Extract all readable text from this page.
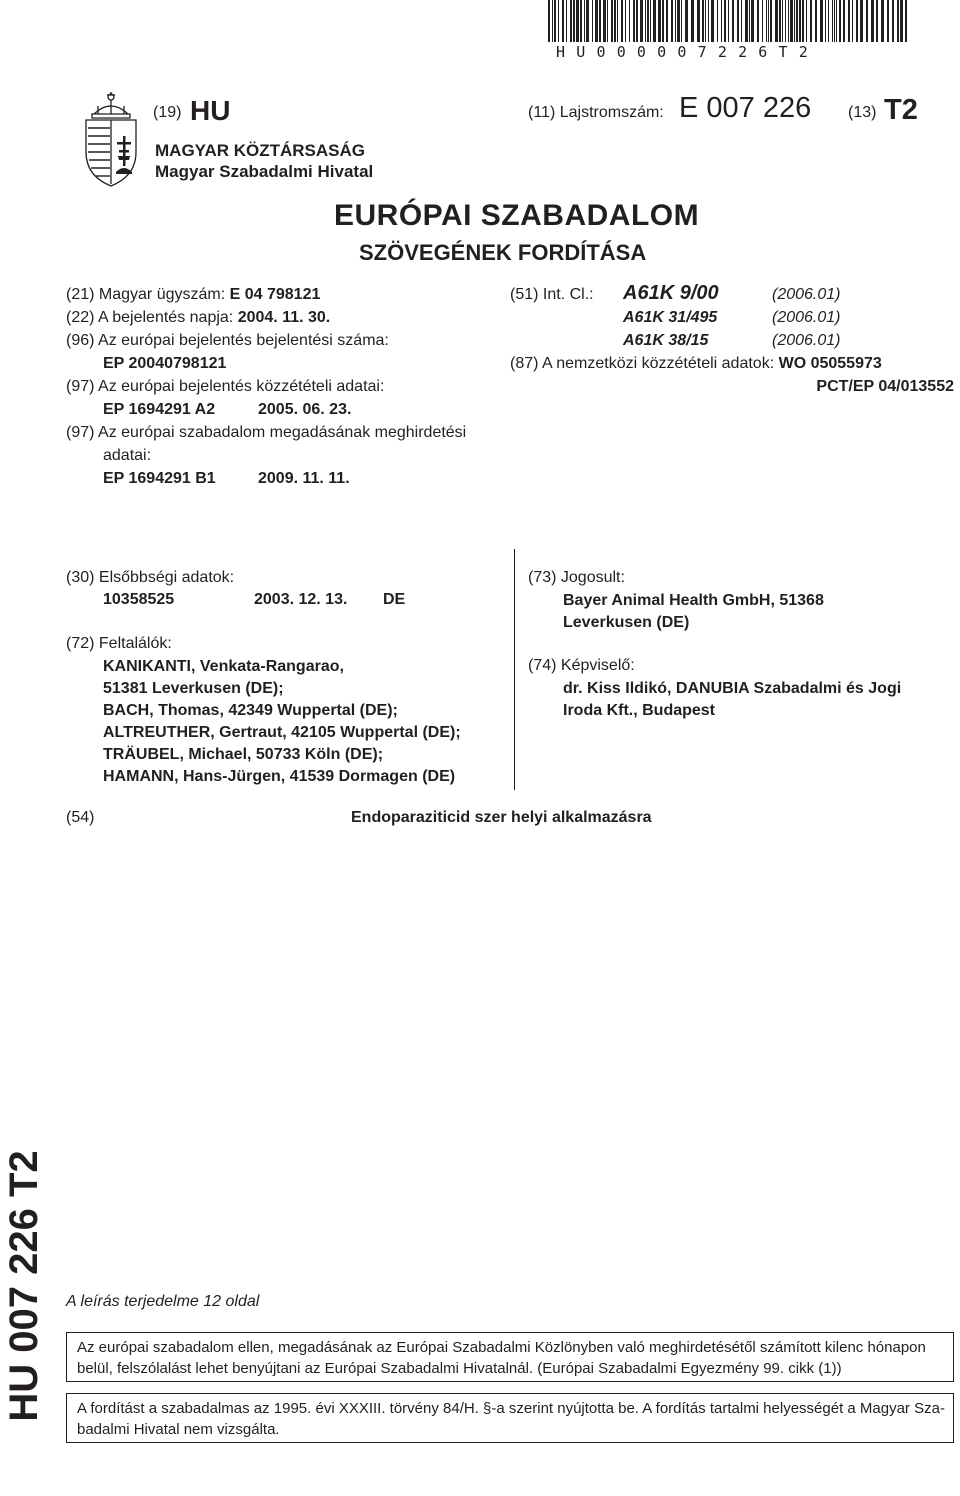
HU000007226T2
(19) HU
MAGYAR KÖZTÁRSASÁG
Magyar Szabadalmi Hivatal
(11) Lajstromszám: E 007 226 (13) T2
EURÓPAI SZABADALOM
SZÖVEGÉNEK FORDÍTÁSA
(21) Magyar ügyszám: E 04 798121
(22) A bejelentés napja: 2004. 11. 30.
(96) Az európai bejelentés bejelentési száma:
EP 20040798121
(97) Az európai bejelentés közzétételi adatai:
EP 1694291 A2	2005. 06. 23.
(97) Az európai szabadalom megadásának meghirdetési
adatai:
EP 1694291 B1	2009. 11. 11.
(51) Int. Cl.: A61K 9/00	(2006.01)
A61K 31/495	(2006.01)
A61K 38/15	(2006.01)
(87) A nemzetközi közzétételi adatok: WO 05055973
PCT/EP 04/013552
(30) Elsőbbségi adatok:
10358525	2003. 12. 13. DE
(72) Feltalálók:
KANIKANTI, Venkata-Rangarao,
51381 Leverkusen (DE);
BACH, Thomas, 42349 Wuppertal (DE);
ALTREUTHER, Gertraut, 42105 Wuppertal (DE);
TRÄUBEL, Michael, 50733 Köln (DE);
HAMANN, Hans-Jürgen, 41539 Dormagen (DE)
(73) Jogosult:
Bayer Animal Health GmbH, 51368
Leverkusen (DE)
(74) Képviselő:
dr. Kiss Ildikó, DANUBIA Szabadalmi és Jogi
Iroda Kft., Budapest
(54)	Endoparaziticid szer helyi alkalmazásra
HU 007 226 T2 A leírás terjedelme 12 oldal
Az európai szabadalom ellen, megadásának az Európai Szabadalmi Közlönyben való meghirdetésétől számított kilenc hónapon
belül, felszólalást lehet benyújtani az Európai Szabadalmi Hivatalnál. (Európai Szabadalmi Egyezmény 99. cikk (1))
A fordítást a szabadalmas az 1995. évi XXXIII. törvény 84/H. §-a szerint nyújtotta be. A fordítás tartalmi helyességét a Magyar Sza-
badalmi Hivatal nem vizsgálta.
